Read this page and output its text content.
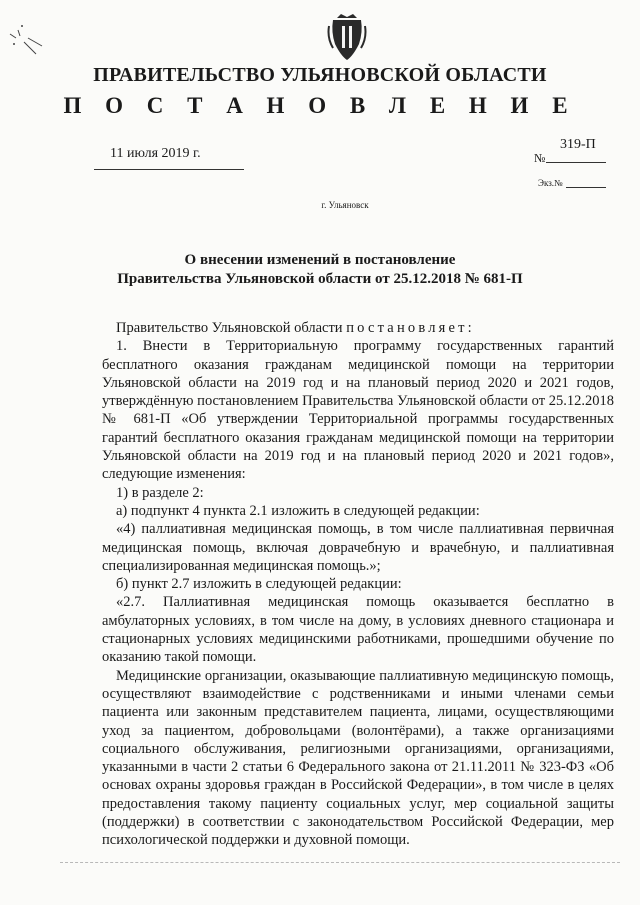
ПРАВИТЕЛЬСТВО УЛЬЯНОВСКОЙ ОБЛАСТИ
П О С Т А Н О В Л Е Н И Е
11 июля 2019 г.
319-П
№
Экз.№
г. Ульяновск
О внесении изменений в постановление
Правительства Ульяновской области от 25.12.2018 № 681-П

Правительство Ульяновской области постановляет:

1. Внести в Территориальную программу государственных гарантий бесплатного оказания гражданам медицинской помощи на территории Ульяновской области на 2019 год и на плановый период 2020 и 2021 годов, утверждённую постановлением Правительства Ульяновской области от 25.12.2018 № 681-П «Об утверждении Территориальной программы государственных гарантий бесплатного оказания гражданам медицинской помощи на территории Ульяновской области на 2019 год и на плановый период 2020 и 2021 годов», следующие изменения:

1) в разделе 2:

а) подпункт 4 пункта 2.1 изложить в следующей редакции:

«4) паллиативная медицинская помощь, в том числе паллиативная первичная медицинская помощь, включая доврачебную и врачебную, и паллиативная специализированная медицинская помощь.»;

б) пункт 2.7 изложить в следующей редакции:

«2.7. Паллиативная медицинская помощь оказывается бесплатно в амбулаторных условиях, в том числе на дому, в условиях дневного стационара и стационарных условиях медицинскими работниками, прошедшими обучение по оказанию такой помощи.

Медицинские организации, оказывающие паллиативную медицинскую помощь, осуществляют взаимодействие с родственниками и иными членами семьи пациента или законным представителем пациента, лицами, осуществляющими уход за пациентом, добровольцами (волонтёрами), а также организациями социального обслуживания, религиозными организациями, организациями, указанными в части 2 статьи 6 Федерального закона от 21.11.2011 № 323-ФЗ «Об основах охраны здоровья граждан в Российской Федерации», в том числе в целях предоставления такому пациенту социальных услуг, мер социальной защиты (поддержки) в соответствии с законодательством Российской Федерации, мер психологической поддержки и духовной помощи.
